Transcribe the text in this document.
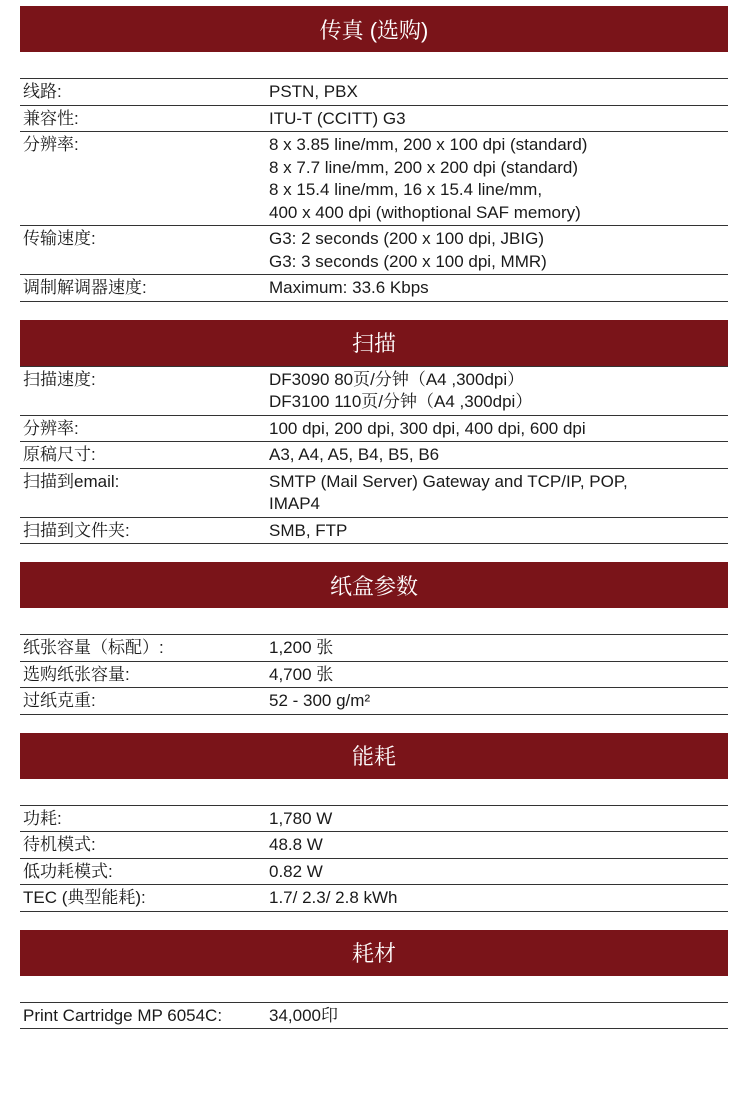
传真 (选购)
线路:	PSTN, PBX
兼容性:	ITU-T (CCITT) G3
分辨率:	8 x 3.85 line/mm, 200 x 100 dpi (standard)
8 x 7.7 line/mm, 200 x 200 dpi (standard)
8 x 15.4 line/mm, 16 x 15.4 line/mm,
400 x 400 dpi (withoptional SAF memory)
传输速度:	G3: 2 seconds (200 x 100 dpi, JBIG)
G3: 3 seconds (200 x 100 dpi, MMR)
调制解调器速度:	Maximum: 33.6 Kbps
扫描
扫描速度:	DF3090 80页/分钟（A4 ,300dpi）
DF3100 110页/分钟（A4 ,300dpi）
分辨率:	100 dpi, 200 dpi, 300 dpi, 400 dpi, 600 dpi
原稿尺寸:	A3, A4, A5, B4, B5, B6
扫描到email:	SMTP (Mail Server) Gateway and TCP/IP, POP,
IMAP4
扫描到文件夹:	SMB, FTP
纸盒参数
纸张容量（标配）:	1,200 张
选购纸张容量:	4,700 张
过纸克重:	52 - 300 g/m²
能耗
功耗:	1,780 W
待机模式:	48.8 W
低功耗模式:	0.82 W
TEC (典型能耗):	1.7/ 2.3/ 2.8 kWh
耗材
Print Cartridge MP 6054C:	34,000印
